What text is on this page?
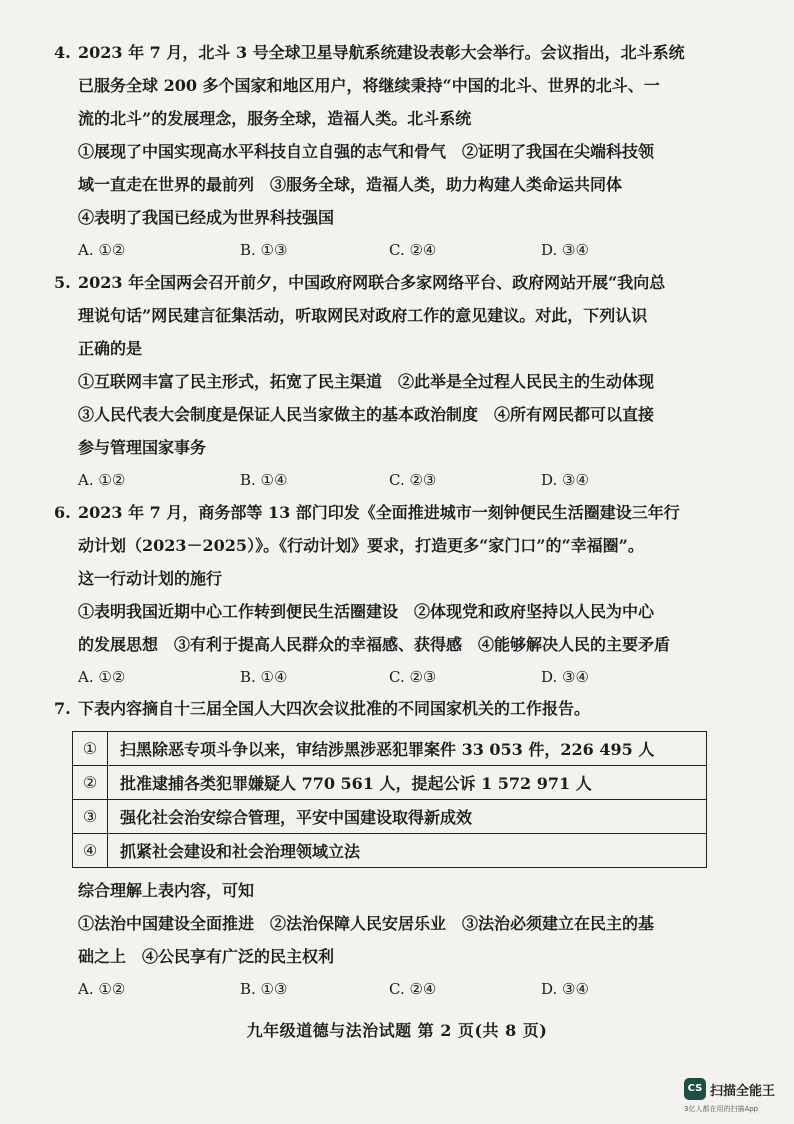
4. 2023 年 7 月，北斗 3 号全球卫星导航系统建设表彰大会举行。会议指出，北斗系统
已服务全球 200 多个国家和地区用户，将继续秉持“中国的北斗、世界的北斗、一
流的北斗”的发展理念，服务全球，造福人类。北斗系统
①展现了中国实现高水平科技自立自强的志气和骨气　②证明了我国在尖端科技领
域一直走在世界的最前列　③服务全球，造福人类，助力构建人类命运共同体
④表明了我国已经成为世界科技强国
A. ①②	B. ①③	C. ②④	D. ③④
5. 2023 年全国两会召开前夕，中国政府网联合多家网络平台、政府网站开展“我向总
理说句话”网民建言征集活动，听取网民对政府工作的意见建议。对此，下列认识
正确的是
①互联网丰富了民主形式，拓宽了民主渠道　②此举是全过程人民民主的生动体现
③人民代表大会制度是保证人民当家做主的基本政治制度　④所有网民都可以直接
参与管理国家事务
A. ①②	B. ①④	C. ②③	D. ③④
6. 2023 年 7 月，商务部等 13 部门印发《全面推进城市一刻钟便民生活圈建设三年行
动计划（2023－2025）》。《行动计划》要求，打造更多“家门口”的“幸福圈”。
这一行动计划的施行
①表明我国近期中心工作转到便民生活圈建设　②体现党和政府坚持以人民为中心
的发展思想　③有利于提高人民群众的幸福感、获得感　④能够解决人民的主要矛盾
A. ①②	B. ①④	C. ②③	D. ③④
7. 下表内容摘自十三届全国人大四次会议批准的不同国家机关的工作报告。
①	扫黑除恶专项斗争以来，审结涉黑涉恶犯罪案件 33 053 件，226 495 人
②	批准逮捕各类犯罪嫌疑人 770 561 人，提起公诉 1 572 971 人
③	强化社会治安综合管理，平安中国建设取得新成效
④	抓紧社会建设和社会治理领域立法
综合理解上表内容，可知
①法治中国建设全面推进　②法治保障人民安居乐业　③法治必须建立在民主的基
础之上　④公民享有广泛的民主权利
A. ①②	B. ①③	C. ②④	D. ③④
九年级道德与法治试题 第 2 页(共 8 页)
CS 扫描全能王
3亿人都在用的扫描App
